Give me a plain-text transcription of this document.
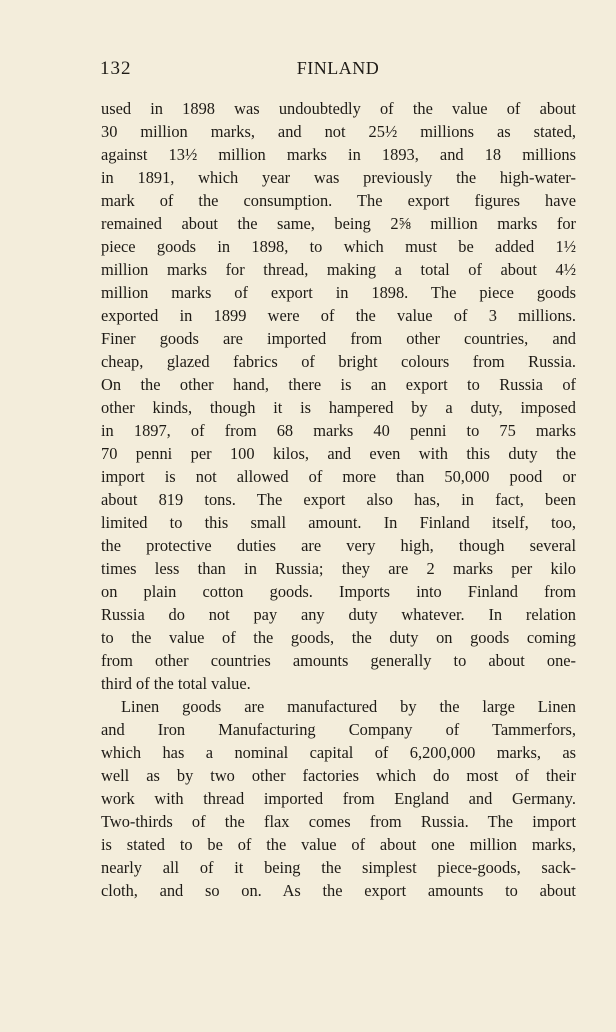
132	FINLAND
used in 1898 was undoubtedly of the value of about
30 million marks, and not 25½ millions as stated,
against 13½ million marks in 1893, and 18 millions
in 1891, which year was previously the high-water-
mark of the consumption. The export figures have
remained about the same, being 2⅝ million marks for
piece goods in 1898, to which must be added 1½
million marks for thread, making a total of about 4½
million marks of export in 1898. The piece goods
exported in 1899 were of the value of 3 millions.
Finer goods are imported from other countries, and
cheap, glazed fabrics of bright colours from Russia.
On the other hand, there is an export to Russia of
other kinds, though it is hampered by a duty, imposed
in 1897, of from 68 marks 40 penni to 75 marks
70 penni per 100 kilos, and even with this duty the
import is not allowed of more than 50,000 pood or
about 819 tons. The export also has, in fact, been
limited to this small amount. In Finland itself, too,
the protective duties are very high, though several
times less than in Russia; they are 2 marks per kilo
on plain cotton goods. Imports into Finland from
Russia do not pay any duty whatever. In relation
to the value of the goods, the duty on goods coming
from other countries amounts generally to about one-
third of the total value.
Linen goods are manufactured by the large Linen
and Iron Manufacturing Company of Tammerfors,
which has a nominal capital of 6,200,000 marks, as
well as by two other factories which do most of their
work with thread imported from England and Germany.
Two-thirds of the flax comes from Russia. The import
is stated to be of the value of about one million marks,
nearly all of it being the simplest piece-goods, sack-
cloth, and so on. As the export amounts to about
